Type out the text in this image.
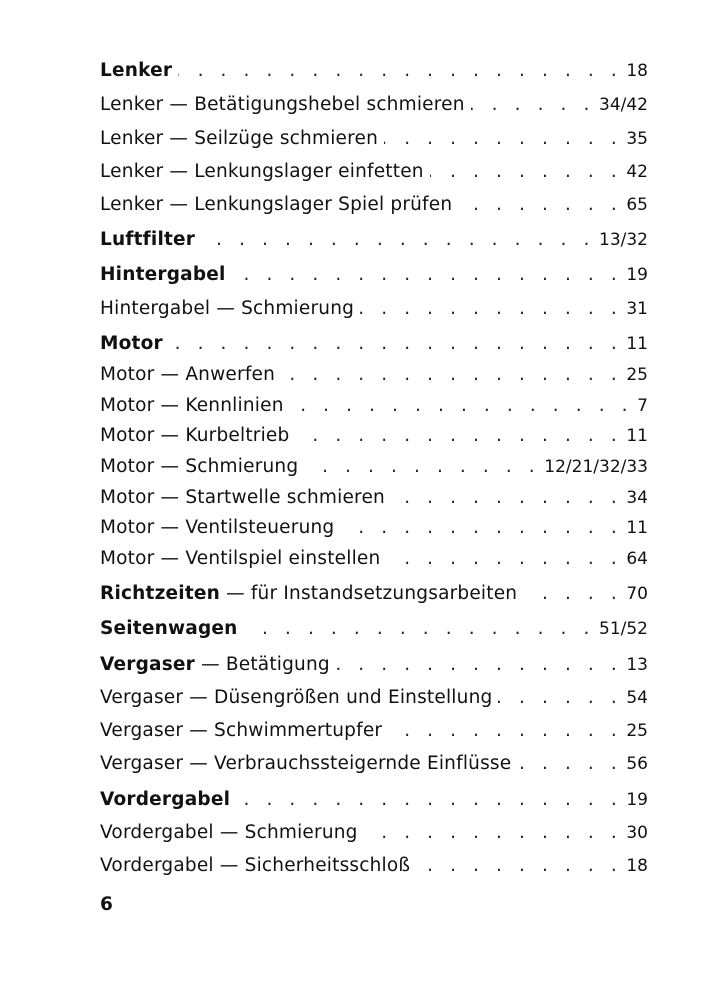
Lenker . . .	18
Lenker — Betätigungshebel schmieren . . .	34/42
Lenker — Seilzüge schmieren . . .	35
Lenker — Lenkungslager einfetten . . .	42
Lenker — Lenkungslager Spiel prüfen . . .	65
Luftfilter . . .	13/32
Hintergabel . . .	19
Hintergabel — Schmierung . . .	31
Motor . . .	11
Motor — Anwerfen . . .	25
Motor — Kennlinien . . .	7
Motor — Kurbeltrieb . . .	11
Motor — Schmierung . . .	12/21/32/33
Motor — Startwelle schmieren . . .	34
Motor — Ventilsteuerung . . .	11
Motor — Ventilspiel einstellen . . .	64
Richtzeiten — für Instandsetzungsarbeiten . . .	70
Seitenwagen . . .	51/52
Vergaser — Betätigung . . .	13
Vergaser — Düsengrößen und Einstellung . . .	54
Vergaser — Schwimmertupfer . . .	25
Vergaser — Verbrauchssteigernde Einflüsse . . .	56
Vordergabel . . .	19
Vordergabel — Schmierung . . .	30
Vordergabel — Sicherheitsschloß . . .	18
6
